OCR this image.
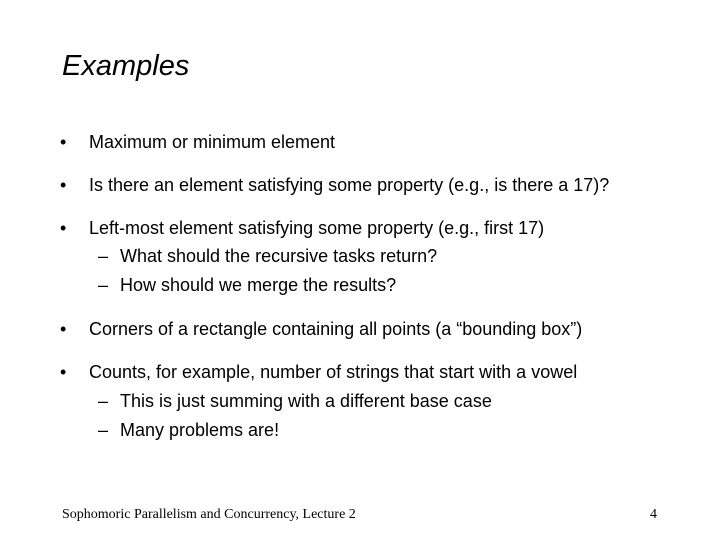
Examples
• Maximum or minimum element
• Is there an element satisfying some property (e.g., is there a 17)?
• Left-most element satisfying some property (e.g., first 17)
– What should the recursive tasks return?
– How should we merge the results?
• Corners of a rectangle containing all points (a “bounding box”)
• Counts, for example, number of strings that start with a vowel
– This is just summing with a different base case
– Many problems are!
Sophomoric Parallelism and Concurrency, Lecture 2	4
